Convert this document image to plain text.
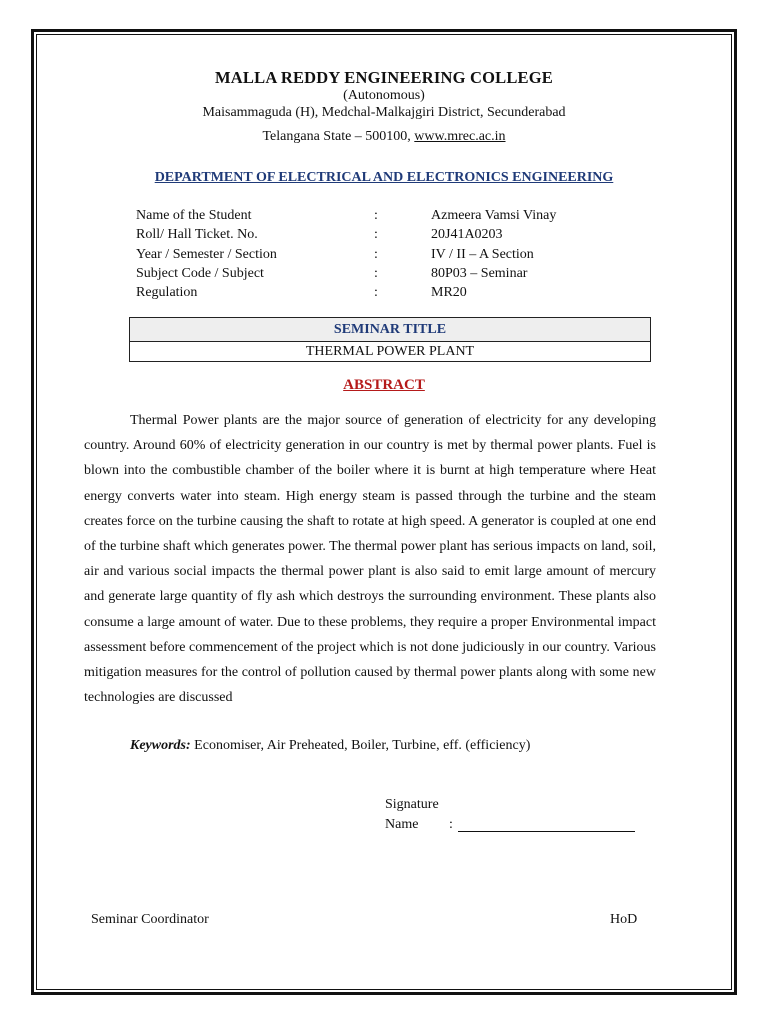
MALLA REDDY ENGINEERING COLLEGE
(Autonomous)
Maisammaguda (H), Medchal-Malkajgiri District, Secunderabad
Telangana State – 500100, www.mrec.ac.in
DEPARTMENT OF ELECTRICAL AND ELECTRONICS ENGINEERING
Name of the Student	:	Azmeera Vamsi Vinay
Roll/ Hall Ticket. No.	:	20J41A0203
Year / Semester / Section	:	IV / II – A Section
Subject Code / Subject	:	80P03 – Seminar
Regulation	:	MR20
SEMINAR TITLE
THERMAL POWER PLANT
ABSTRACT

Thermal Power plants are the major source of generation of electricity for any developing country. Around 60% of electricity generation in our country is met by thermal power plants. Fuel is blown into the combustible chamber of the boiler where it is burnt at high temperature where Heat energy converts water into steam. High energy steam is passed through the turbine and the steam creates force on the turbine causing the shaft to rotate at high speed. A generator is coupled at one end of the turbine shaft which generates power. The thermal power plant has serious impacts on land, soil, air and various social impacts the thermal power plant is also said to emit large amount of mercury and generate large quantity of fly ash which destroys the surrounding environment. These plants also consume a large amount of water. Due to these problems, they require a proper Environmental impact assessment before commencement of the project which is not done judiciously in our country. Various mitigation measures for the control of pollution caused by thermal power plants along with some new technologies are discussed

Keywords: Economiser, Air Preheated, Boiler, Turbine, eff. (efficiency)
Signature
Name :
Seminar Coordinator	HoD
